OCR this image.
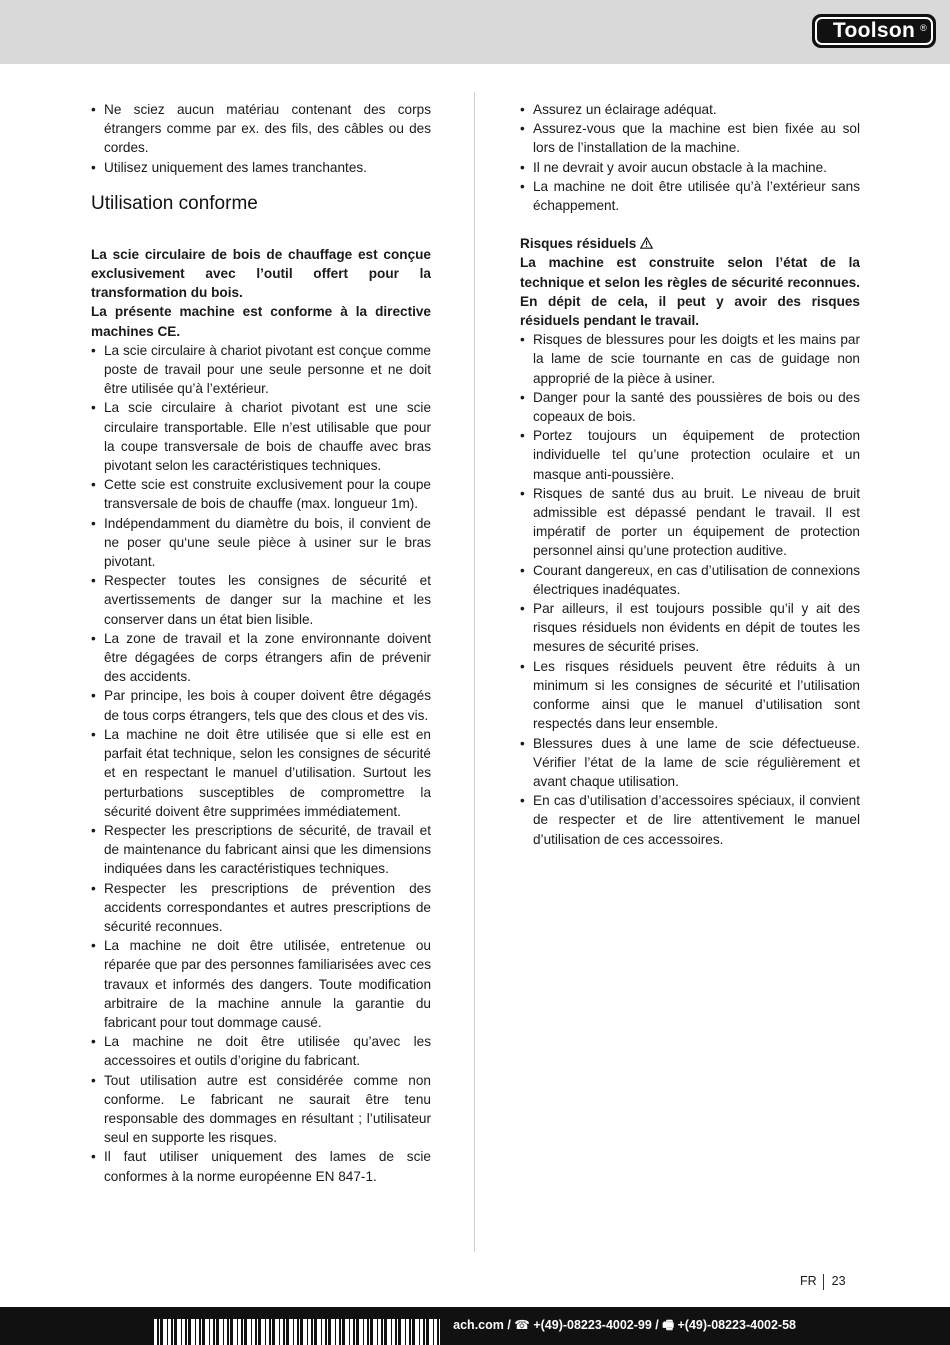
Toolson ®
• Ne sciez aucun matériau contenant des corps étrangers comme par ex. des fils, des câbles ou des cordes.
• Utilisez uniquement des lames tranchantes.
Utilisation conforme

La scie circulaire de bois de chauffage est conçue exclusivement avec l’outil offert pour la transformation du bois.

La présente machine est conforme à la directive machines CE.

• La scie circulaire à chariot pivotant est conçue comme poste de travail pour une seule personne et ne doit être utilisée qu’à l’extérieur.
• La scie circulaire à chariot pivotant est une scie circulaire transportable. Elle n’est utilisable que pour la coupe transversale de bois de chauffe avec bras pivotant selon les caractéristiques techniques.
• Cette scie est construite exclusivement pour la coupe transversale de bois de chauffe (max. longueur 1m).
• Indépendamment du diamètre du bois, il convient de ne poser qu‘une seule pièce à usiner sur le bras pivotant.
• Respecter toutes les consignes de sécurité et avertissements de danger sur la machine et les conserver dans un état bien lisible.
• La zone de travail et la zone environnante doivent être dégagées de corps étrangers afin de prévenir des accidents.
• Par principe, les bois à couper doivent être dégagés de tous corps étrangers, tels que des clous et des vis.
• La machine ne doit être utilisée que si elle est en parfait état technique, selon les consignes de sécurité et en respectant le manuel d’utilisation. Surtout les perturbations susceptibles de compromettre la sécurité doivent être supprimées immédiatement.
• Respecter les prescriptions de sécurité, de travail et de maintenance du fabricant ainsi que les dimensions indiquées dans les caractéristiques techniques.
• Respecter les prescriptions de prévention des accidents correspondantes et autres prescriptions de sécurité reconnues.
• La machine ne doit être utilisée, entretenue ou réparée que par des personnes familiarisées avec ces travaux et informés des dangers. Toute modification arbitraire de la machine annule la garantie du fabricant pour tout dommage causé.
• La machine ne doit être utilisée qu’avec les accessoires et outils d’origine du fabricant.
• Tout utilisation autre est considérée comme non conforme. Le fabricant ne saurait être tenu responsable des dommages en résultant ; l’utilisateur seul en supporte les risques.
• Il faut utiliser uniquement des lames de scie conformes à la norme européenne EN 847-1.
• Assurez un éclairage adéquat.
• Assurez-vous que la machine est bien fixée au sol lors de l’installation de la machine.
• Il ne devrait y avoir aucun obstacle à la machine.
• La machine ne doit être utilisée qu’à l’extérieur sans échappement.

Risques résiduels

La machine est construite selon l’état de la technique et selon les règles de sécurité reconnues. En dépit de cela, il peut y avoir des risques résiduels pendant le travail.

• Risques de blessures pour les doigts et les mains par la lame de scie tournante en cas de guidage non approprié de la pièce à usiner.
• Danger pour la santé des poussières de bois ou des copeaux de bois.
• Portez toujours un équipement de protection individuelle tel qu’une protection oculaire et un masque anti-poussière.
• Risques de santé dus au bruit. Le niveau de bruit admissible est dépassé pendant le travail. Il est impératif de porter un équipement de protection personnel ainsi qu’une protection auditive.
• Courant dangereux, en cas d’utilisation de connexions électriques inadéquates.
• Par ailleurs, il est toujours possible qu’il y ait des risques résiduels non évidents en dépit de toutes les mesures de sécurité prises.
• Les risques résiduels peuvent être réduits à un minimum si les consignes de sécurité et l’utilisation conforme ainsi que le manuel d’utilisation sont respectés dans leur ensemble.
• Blessures dues à une lame de scie défectueuse. Vérifier l’état de la lame de scie régulièrement et avant chaque utilisation.
• En cas d’utilisation d’accessoires spéciaux, il convient de respecter et de lire attentivement le manuel d’utilisation de ces accessoires.
FR 23
ach.com / ☎ +(49)-08223-4002-99 / 🖷 +(49)-08223-4002-58
